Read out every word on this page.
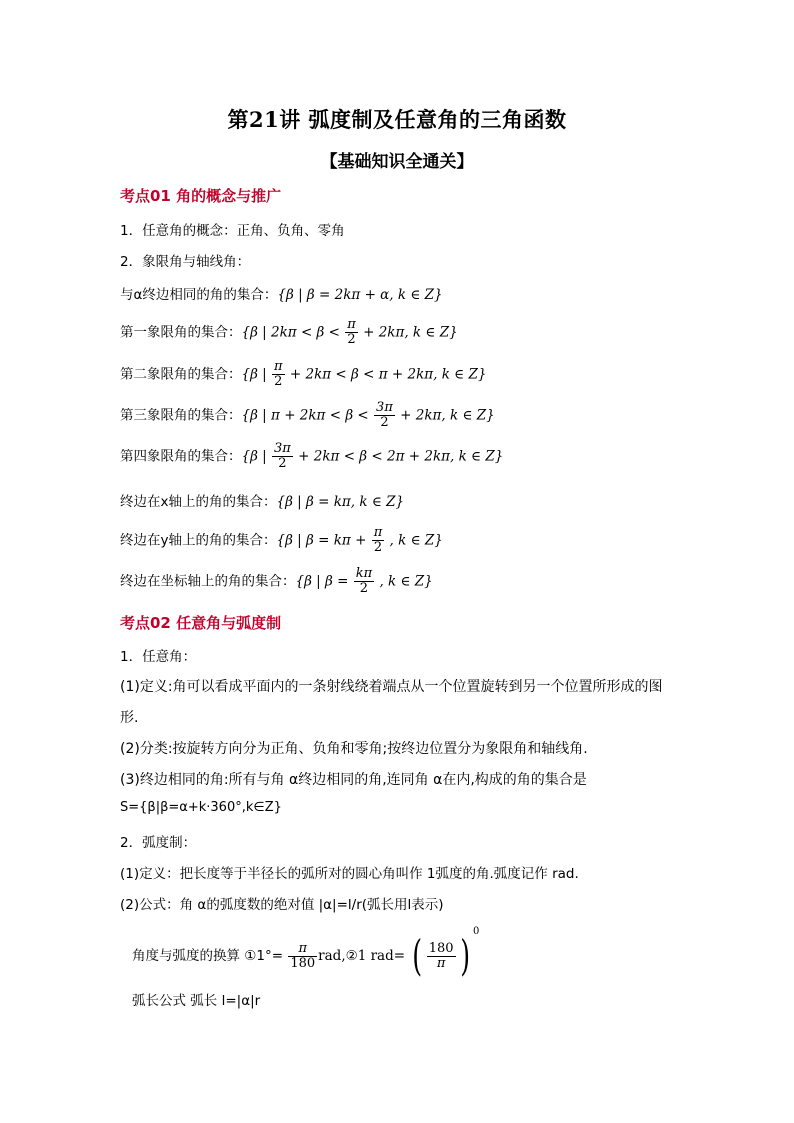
第21讲 弧度制及任意角的三角函数
【基础知识全通关】
考点01 角的概念与推广
1．任意角的概念：正角、负角、零角
2．象限角与轴线角：
与α终边相同的角的集合：{β | β = 2kπ + α, k ∈ Z}
第一象限角的集合：{β | $2k\pi < \beta < \frac{\pi}{2} + 2k\pi$, k ∈ Z}
第二象限角的集合：{β | $\frac{\pi}{2} + 2k\pi < \beta < \pi + 2k\pi$, k ∈ Z}
第三象限角的集合：{β | $\pi + 2k\pi < \beta < \frac{3\pi}{2} + 2k\pi$, k ∈ Z}
第四象限角的集合：{β | $\frac{3\pi}{2} + 2k\pi < \beta < 2\pi + 2k\pi$, k ∈ Z}
终边在x轴上的角的集合：{β | β = kπ, k ∈ Z}
终边在y轴上的角的集合：{β | $\beta = k\pi + \frac{\pi}{2}$ , k ∈ Z}
终边在坐标轴上的角的集合：{β | $\beta = \frac{k\pi}{2}$ , k ∈ Z}
考点02 任意角与弧度制
1．任意角：
(1)定义:角可以看成平面内的一条射线绕着端点从一个位置旋转到另一个位置所形成的图
形.
(2)分类:按旋转方向分为正角、负角和零角;按终边位置分为象限角和轴线角.
(3)终边相同的角:所有与角 α终边相同的角,连同角 α在内,构成的角的集合是
S={β|β=α+k·360°,k∈Z}
2．弧度制：
(1)定义：把长度等于半径长的弧所对的圆心角叫作 1弧度的角.弧度记作 rad.
(2)公式：角 α的弧度数的绝对值 |α|=l/r(弧长用l表示)
角度与弧度的换算 ①1°= $\frac{\pi}{180}$ rad,②1 rad= ( $\frac{180}{\pi}$ ) $^0$
弧长公式 弧长 l=|α|r
